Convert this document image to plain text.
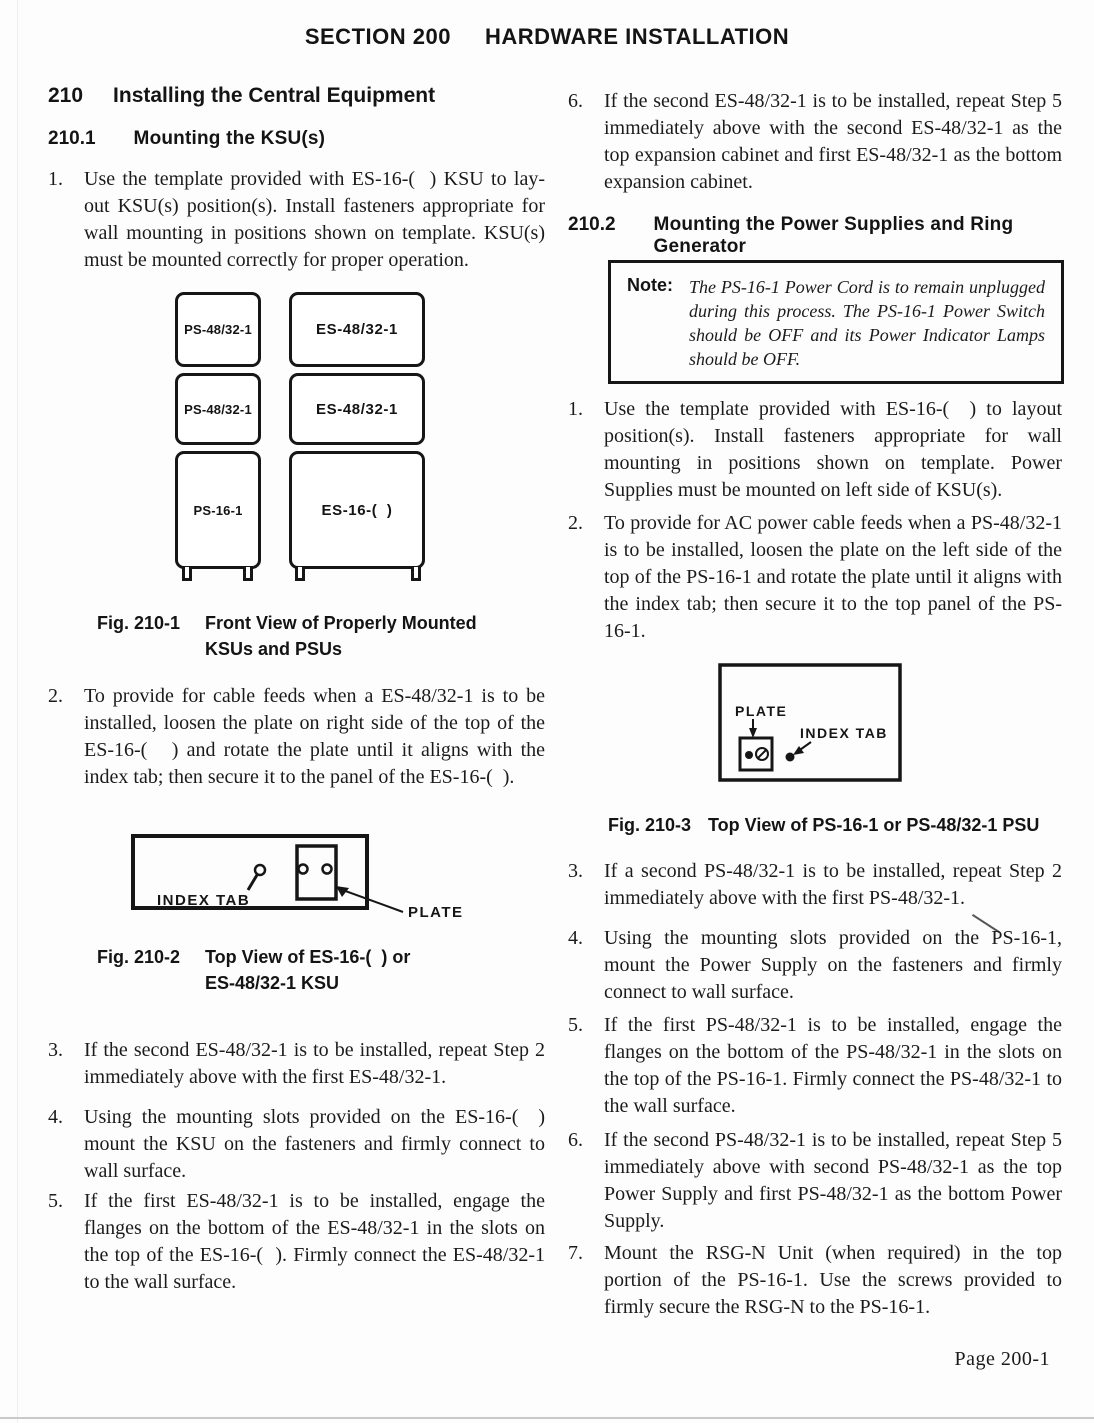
SECTION 200 HARDWARE INSTALLATION
210 Installing the Central Equipment
210.1 Mounting the KSU(s)
1.	Use the template provided with ES-16-(  ) KSU to lay-out KSU(s) position(s). Install fasteners appropriate for wall mounting in positions shown on template. KSU(s) must be mounted correctly for proper operation.
PS-48/32-1
PS-48/32-1
PS-16-1
ES-48/32-1
ES-48/32-1
ES-16-(  )
Fig. 210-1	Front View of Properly Mounted
KSUs and PSUs
2.	To provide for cable feeds when a ES-48/32-1 is to be installed, loosen the plate on right side of the top of the ES-16-(   ) and rotate the plate until it aligns with the index tab; then secure it to the panel of the ES-16-(  ).
INDEX TAB
PLATE
Fig. 210-2	Top View of ES-16-(  ) or
ES-48/32-1 KSU
3.	If the second ES-48/32-1 is to be installed, repeat Step 2 immediately above with the first ES-48/32-1.
4.	Using the mounting slots provided on the ES-16-(  ) mount the KSU on the fasteners and firmly connect to wall surface.
5.	If the first ES-48/32-1 is to be installed, engage the flanges on the bottom of the ES-48/32-1 in the slots on the top of the ES-16-(  ). Firmly connect the ES-48/32-1 to the wall surface.
6.	If the second ES-48/32-1 is to be installed, repeat Step 5 immediately above with the second ES-48/32-1 as the top expansion cabinet and first ES-48/32-1 as the bottom expansion cabinet.
210.2 Mounting the Power Supplies and Ring Generator
Note: The PS-16-1 Power Cord is to remain unplugged during this process. The PS-16-1 Power Switch should be OFF and its Power Indicator Lamps should be OFF.
1.	Use the template provided with ES-16-(  ) to layout position(s). Install fasteners appropriate for wall mounting in positions shown on template. Power Supplies must be mounted on left side of KSU(s).
2.	To provide for AC power cable feeds when a PS-48/32-1 is to be installed, loosen the plate on the left side of the top of the PS-16-1 and rotate the plate until it aligns with the index tab; then secure it to the top panel of the PS-16-1.
PLATE
INDEX TAB
Fig. 210-3 Top View of PS-16-1 or PS-48/32-1 PSU
3.	If a second PS-48/32-1 is to be installed, repeat Step 2 immediately above with the first PS-48/32-1.
4.	Using the mounting slots provided on the PS-16-1, mount the Power Supply on the fasteners and firmly connect to wall surface.
5.	If the first PS-48/32-1 is to be installed, engage the flanges on the bottom of the PS-48/32-1 in the slots on the top of the PS-16-1. Firmly connect the PS-48/32-1 to the wall surface.
6.	If the second PS-48/32-1 is to be installed, repeat Step 5 immediately above with second PS-48/32-1 as the top Power Supply and first PS-48/32-1 as the bottom Power Supply.
7.	Mount the RSG-N Unit (when required) in the top portion of the PS-16-1. Use the screws provided to firmly secure the RSG-N to the PS-16-1.
Page 200-1
